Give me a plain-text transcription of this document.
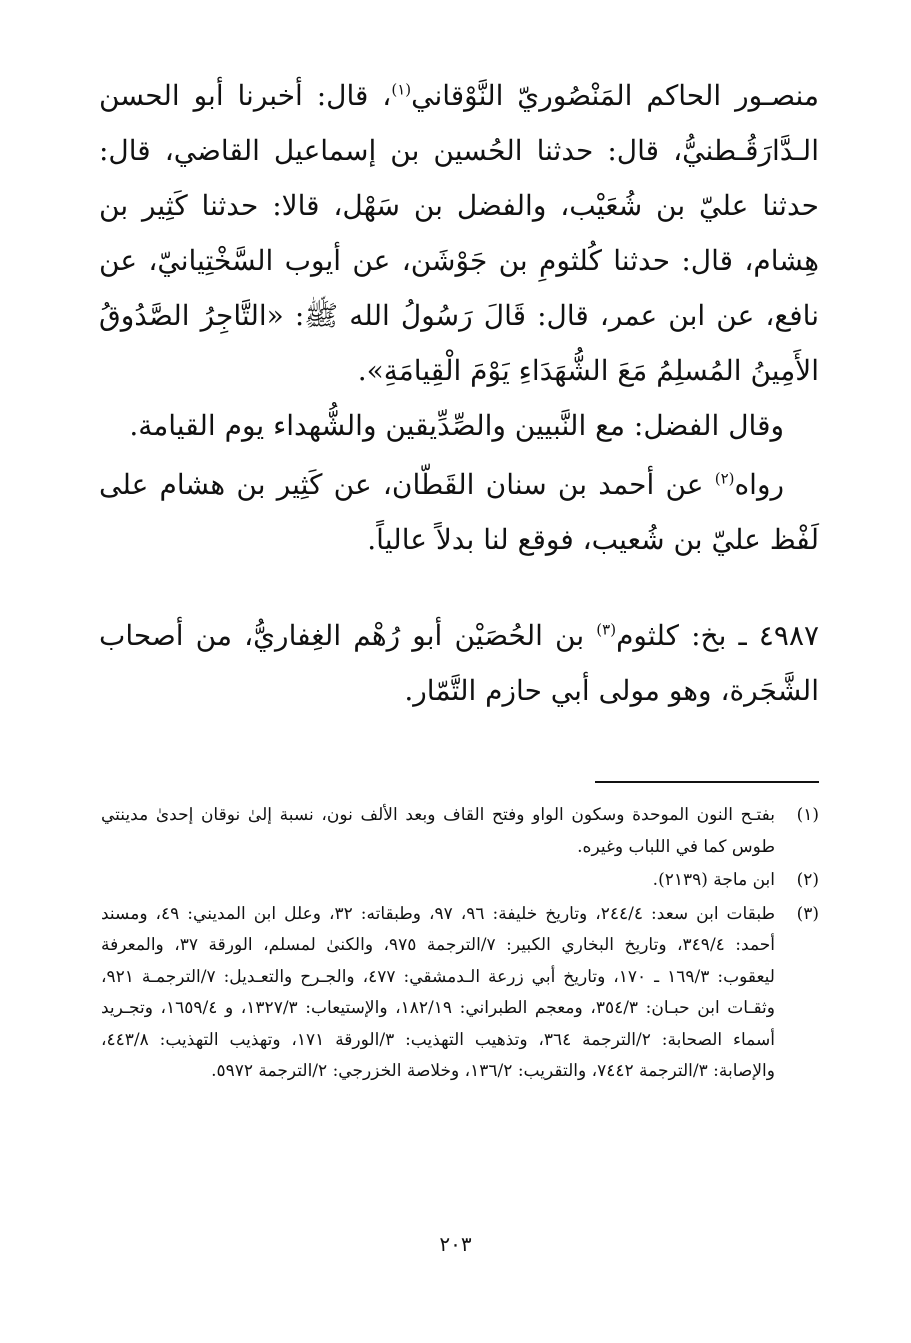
منصـور الحاكم المَنْصُوريّ النَّوْقاني$^{(١)}$، قال: أخبرنا أبو الحسن الـدَّارَقُـطنيُّ، قال: حدثنا الحُسين بن إسماعيل القاضي، قال: حدثنا عليّ بن شُعَيْب، والفضل بن سَهْل، قالا: حدثنا كَثِير بن هِشام، قال: حدثنا كُلثومِ بن جَوْشَن، عن أيوب السَّخْتِيانيّ، عن نافع، عن ابن عمر، قال: قَالَ رَسُولُ الله ﷺ: «التَّاجِرُ الصَّدُوقُ الأَمِينُ المُسلِمُ مَعَ الشُّهَدَاءِ يَوْمَ الْقِيامَةِ».

وقال الفضل: مع النَّبيين والصِّدِّيقين والشُّهداء يوم القيامة.

رواه$^{(٢)}$ عن أحمد بن سنان القَطّان، عن كَثِير بن هشام على لَفْظ عليّ بن شُعيب، فوقع لنا بدلاً عالياً.

٤٩٨٧ ـ بخ: كلثوم$^{(٣)}$ بن الحُصَيْن أبو رُهْم الغِفاريُّ، من أصحاب الشَّجَرة، وهو مولى أبي حازم التَّمّار.

(١)
بفتـح النون الموحدة وسكون الواو وفتح القاف وبعد الألف نون، نسبة إلىٰ نوقان إحدىٰ مدينتي طوس كما في اللباب وغيره.
(٢)
ابن ماجة (٢١٣٩).
(٣)
طبقات ابن سعد: ٢٤٤/٤، وتاريخ خليفة: ٩٦، ٩٧، وطبقاته: ٣٢، وعلل ابن المديني: ٤٩، ومسند أحمد: ٣٤٩/٤، وتاريخ البخاري الكبير: ٧/الترجمة ٩٧٥، والكنىٰ لمسلم، الورقة ٣٧، والمعرفة ليعقوب: ١٦٩/٣ ـ ١٧٠، وتاريخ أبي زرعة الـدمشقي: ٤٧٧، والجـرح والتعـديل: ٧/الترجمـة ٩٢١، وثقـات ابن حبـان: ٣٥٤/٣، ومعجم الطبراني: ١٨٢/١٩، والإستيعاب: ١٣٢٧/٣، و ١٦٥٩/٤، وتجـريد أسماء الصحابة: ٢/الترجمة ٣٦٤، وتذهيب التهذيب: ٣/الورقة ١٧١، وتهذيب التهذيب: ٤٤٣/٨، والإصابة: ٣/الترجمة ٧٤٤٢، والتقريب: ١٣٦/٢، وخلاصة الخزرجي: ٢/الترجمة ٥٩٧٢.
٢٠٣
